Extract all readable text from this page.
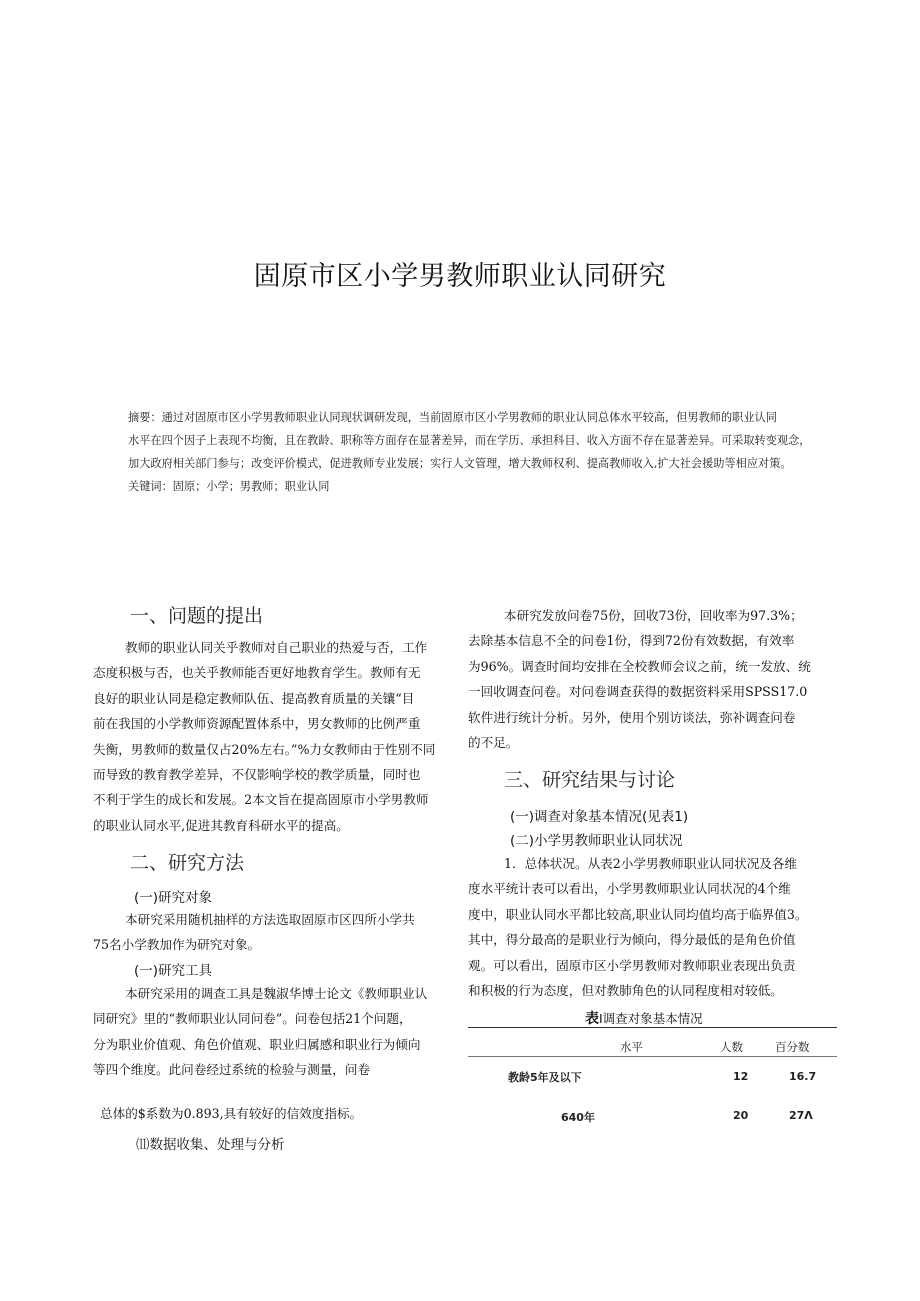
固原市区小学男教师职业认同研究

摘要：通过对固原市区小学男教师职业认同现状调研发现，当前固原市区小学男教师的职业认同总体水平较高，但男教师的职业认同

水平在四个因子上表现不均衡，且在教龄、职称等方面存在显著差异，而在学历、承担科目、收入方面不存在显著差异。可采取转变观念，

加大政府相关部门参与；改变评价模式，促进教师专业发展；实行人文管理，增大教师权利、提高教师收入,扩大社会援助等相应对策。

关键词：固原；小学；男教师；职业认同

一、问题的提出
教师的职业认同关乎教师对自己职业的热爱与否，工作
态度积极与否，也关乎教师能否更好地教育学生。教师有无
良好的职业认同是稳定教师队伍、提高教育质量的关镶“目
前在我国的小学教师资源配置体系中，男女教师的比例严重
失衡，男教师的数量仅占20%左右。”%力女教师由于性别不同
而导致的教育教学差异，不仅影响学校的教学质量，同时也
不利于学生的成长和发展。2本文旨在提高固原市小学男教师
的职业认同水平,促进其教育科研水平的提高。
二、研究方法
(一)研究对象
本研究采用随机抽样的方法选取固原市区四所小学共
75名小学教加作为研究对象。
(一)研究工具
本研究采用的调查工具是魏淑华博士论文《教师职业认
同研究》里的“教师职业认同问卷”。问卷包括21个问题，
分为职业价值观、角色价值观、职业归属感和职业行为倾向
等四个维度。此问卷经过系统的检验与测量，问卷
总体的$系数为0.893,具有较好的信效度指标。
⑾数据收集、处理与分析
本研究发放问卷75份，回收73份，回收率为97.3%；
去除基本信息不全的问卷1份，得到72份有效数据，有效率
为96%。调查时间均安排在全校教师会议之前，统一发放、统
一回收调查问卷。对问卷调查获得的数据资料采用SPSS17.0
软件进行统计分析。另外，使用个别访谈法，弥补调查问卷
的不足。
三、研究结果与讨论
(一)调查对象基本情况(见表1)
(二)小学男教师职业认同状况
1．总体状况。从表2小学男教师职业认同状况及各维
度水平统计表可以看出，小学男教师职业认同状况的4个维
度中，职业认同水平都比较高,职业认同均值均高于临界值3。
其中，得分最高的是职业行为倾向，得分最低的是角色价值
观。可以看出，固原市区小学男教师对教师职业表现出负责
和积极的行为态度，但对教肺角色的认同程度相对较低。
表I调查对象基本情况
水平	人数	百分数
教龄5年及以下	12	16.7
640年	20	27Λ
